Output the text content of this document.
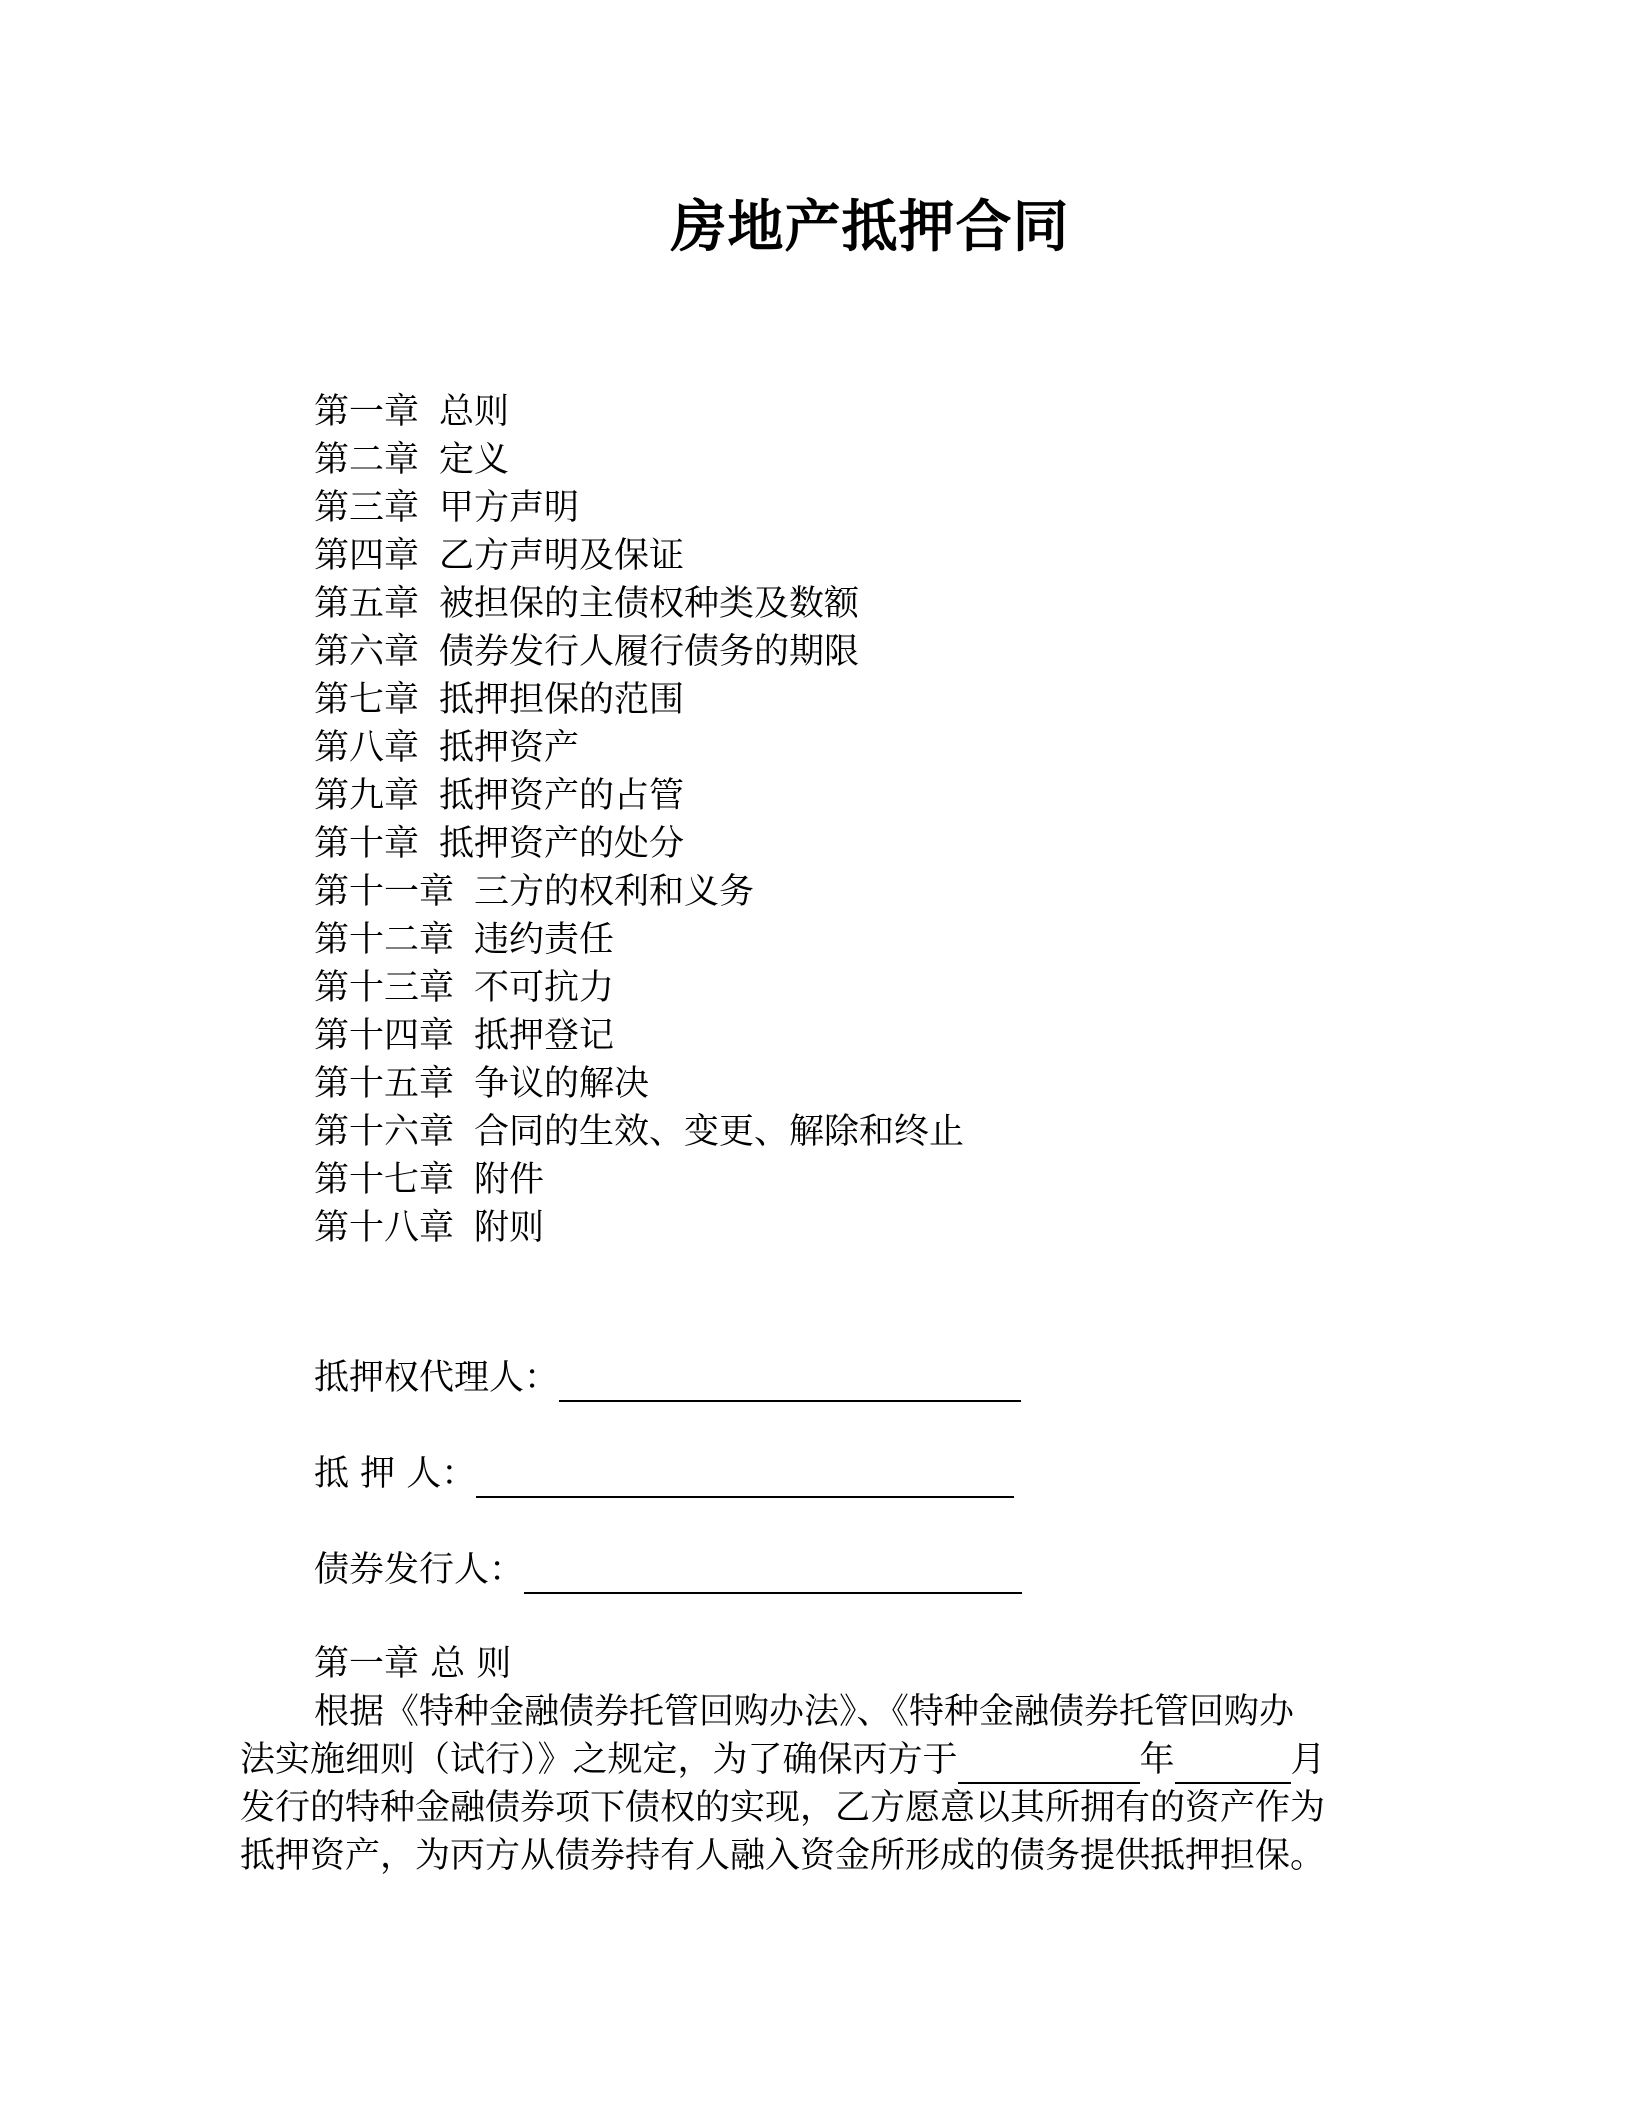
房地产抵押合同
第一章 总则
第二章 定义
第三章 甲方声明
第四章 乙方声明及保证
第五章 被担保的主债权种类及数额
第六章 债券发行人履行债务的期限
第七章 抵押担保的范围
第八章 抵押资产
第九章 抵押资产的占管
第十章 抵押资产的处分
第十一章 三方的权利和义务
第十二章 违约责任
第十三章 不可抗力
第十四章 抵押登记
第十五章 争议的解决
第十六章 合同的生效、变更、解除和终止
第十七章 附件
第十八章 附则
抵押权代理人：
抵 押 人：
债券发行人：
第一章 总 则
根据《特种金融债券托管回购办法》、《特种金融债券托管回购办
法实施细则（试行）》之规定，为了确保丙方于	年	月
发行的特种金融债券项下债权的实现，乙方愿意以其所拥有的资产作为
抵押资产，为丙方从债券持有人融入资金所形成的债务提供抵押担保。
